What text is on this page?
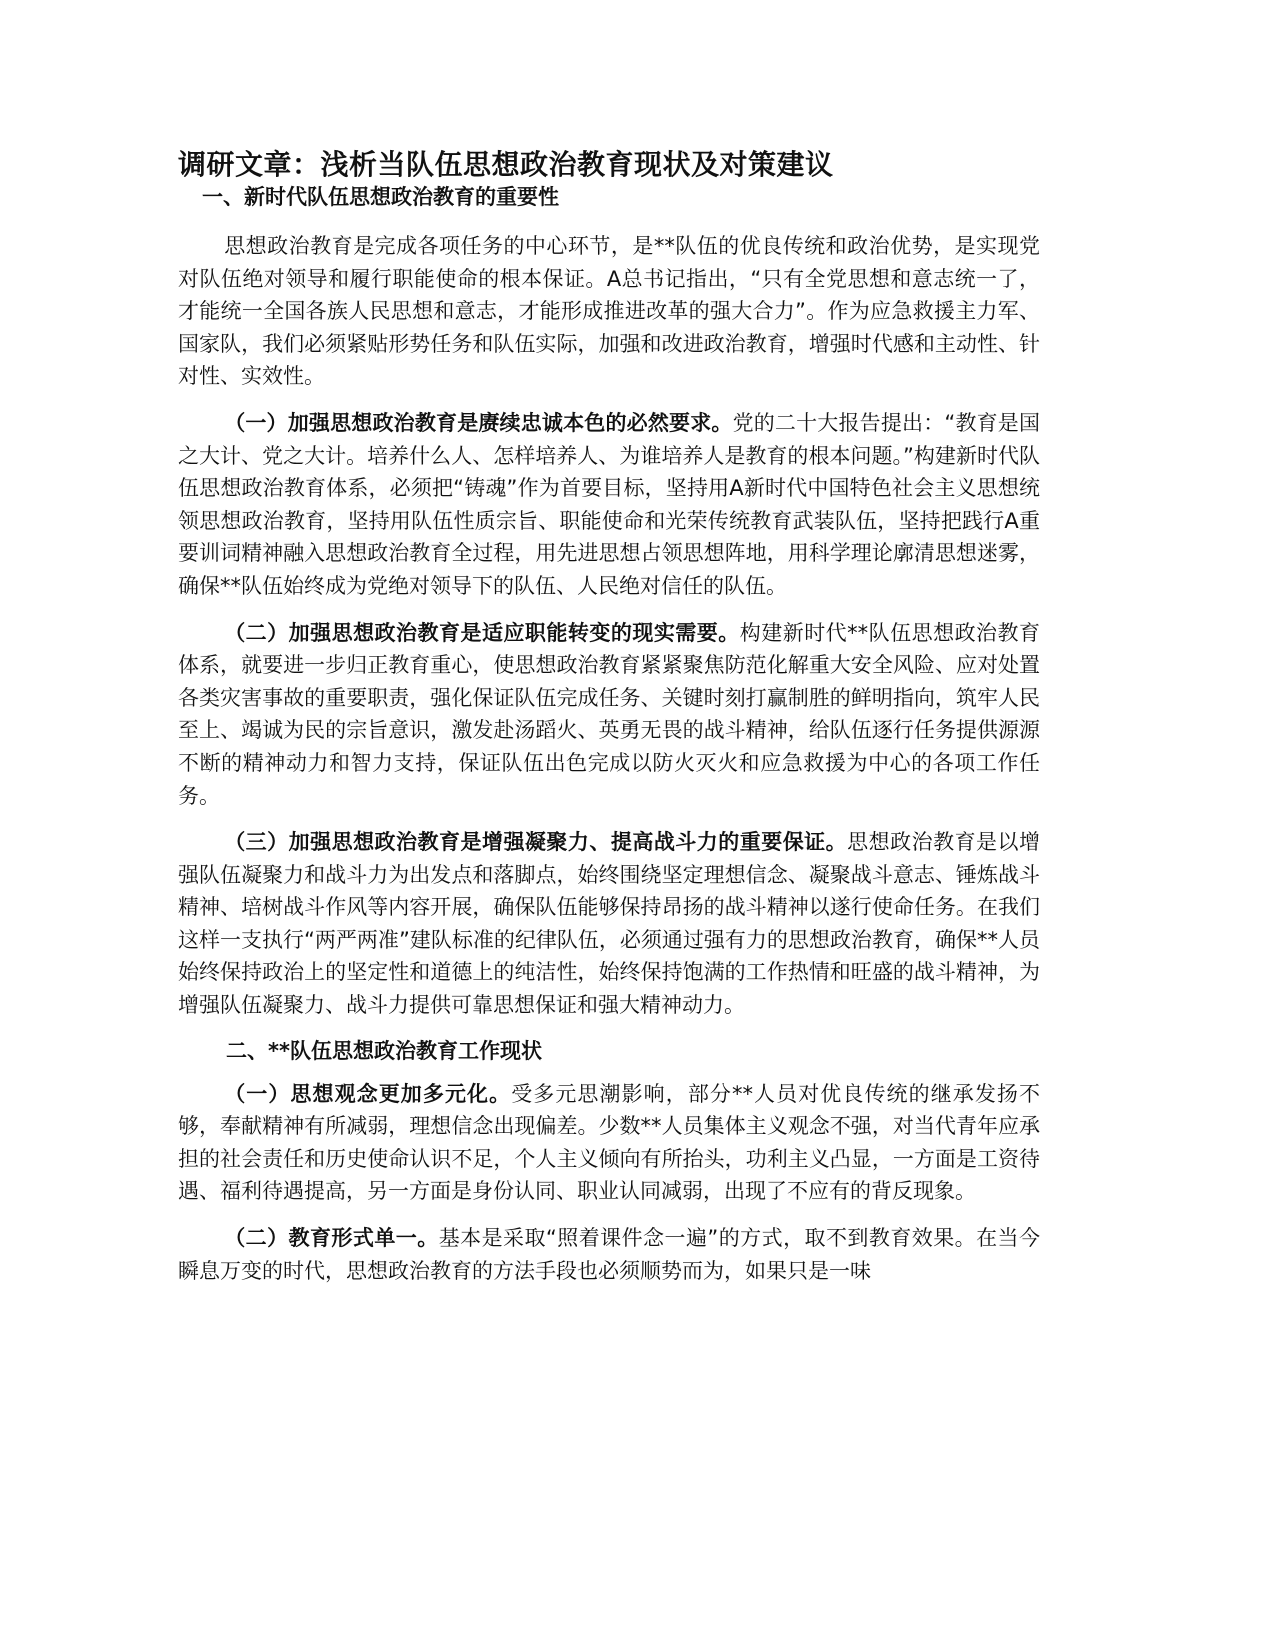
调研文章：浅析当队伍思想政治教育现状及对策建议
一、新时代队伍思想政治教育的重要性

思想政治教育是完成各项任务的中心环节，是**队伍的优良传统和政治优势，是实现党对队伍绝对领导和履行职能使命的根本保证。A总书记指出，“只有全党思想和意志统一了，才能统一全国各族人民思想和意志，才能形成推进改革的强大合力”。作为应急救援主力军、国家队，我们必须紧贴形势任务和队伍实际，加强和改进政治教育，增强时代感和主动性、针对性、实效性。

（一）加强思想政治教育是赓续忠诚本色的必然要求。党的二十大报告提出：“教育是国之大计、党之大计。培养什么人、怎样培养人、为谁培养人是教育的根本问题。”构建新时代队伍思想政治教育体系，必须把“铸魂”作为首要目标，坚持用A新时代中国特色社会主义思想统领思想政治教育，坚持用队伍性质宗旨、职能使命和光荣传统教育武装队伍，坚持把践行A重要训词精神融入思想政治教育全过程，用先进思想占领思想阵地，用科学理论廓清思想迷雾，确保**队伍始终成为党绝对领导下的队伍、人民绝对信任的队伍。

（二）加强思想政治教育是适应职能转变的现实需要。构建新时代**队伍思想政治教育体系，就要进一步归正教育重心，使思想政治教育紧紧聚焦防范化解重大安全风险、应对处置各类灾害事故的重要职责，强化保证队伍完成任务、关键时刻打赢制胜的鲜明指向，筑牢人民至上、竭诚为民的宗旨意识，激发赴汤蹈火、英勇无畏的战斗精神，给队伍逐行任务提供源源不断的精神动力和智力支持，保证队伍出色完成以防火灭火和应急救援为中心的各项工作任务。

（三）加强思想政治教育是增强凝聚力、提高战斗力的重要保证。思想政治教育是以增强队伍凝聚力和战斗力为出发点和落脚点，始终围绕坚定理想信念、凝聚战斗意志、锤炼战斗精神、培树战斗作风等内容开展，确保队伍能够保持昂扬的战斗精神以遂行使命任务。在我们这样一支执行“两严两准”建队标准的纪律队伍，必须通过强有力的思想政治教育，确保**人员始终保持政治上的坚定性和道德上的纯洁性，始终保持饱满的工作热情和旺盛的战斗精神，为增强队伍凝聚力、战斗力提供可靠思想保证和强大精神动力。

二、**队伍思想政治教育工作现状

（一）思想观念更加多元化。受多元思潮影响，部分**人员对优良传统的继承发扬不够，奉献精神有所减弱，理想信念出现偏差。少数**人员集体主义观念不强，对当代青年应承担的社会责任和历史使命认识不足，个人主义倾向有所抬头，功利主义凸显，一方面是工资待遇、福利待遇提高，另一方面是身份认同、职业认同减弱，出现了不应有的背反现象。

（二）教育形式单一。基本是采取“照着课件念一遍”的方式，取不到教育效果。在当今瞬息万变的时代，思想政治教育的方法手段也必须顺势而为，如果只是一味
